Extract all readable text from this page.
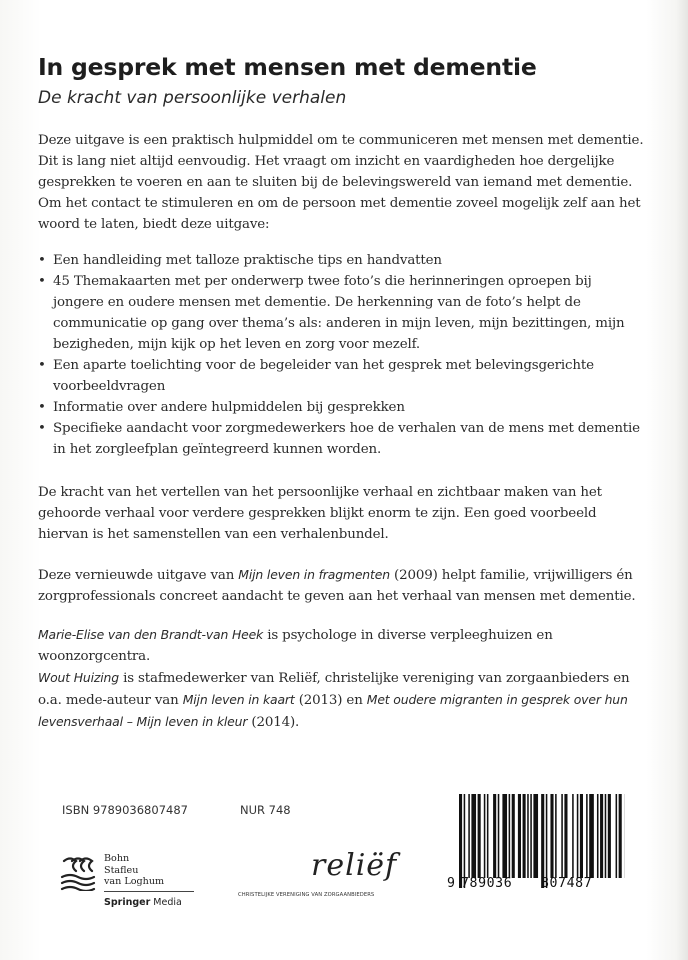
In gesprek met mensen met dementie
De kracht van persoonlijke verhalen

Deze uitgave is een praktisch hulpmiddel om te communiceren met mensen met dementie. Dit is lang niet altijd eenvoudig. Het vraagt om inzicht en vaardigheden hoe dergelijke gesprekken te voeren en aan te sluiten bij de belevingswereld van iemand met dementie. Om het contact te stimuleren en om de persoon met dementie zoveel mogelijk zelf aan het woord te laten, biedt deze uitgave:

• Een handleiding met talloze praktische tips en handvatten
• 45 Themakaarten met per onderwerp twee foto’s die herinneringen oproepen bij jongere en oudere mensen met dementie. De herkenning van de foto’s helpt de communicatie op gang over thema’s als: anderen in mijn leven, mijn bezittingen, mijn bezigheden, mijn kijk op het leven en zorg voor mezelf.
• Een aparte toelichting voor de begeleider van het gesprek met belevingsgerichte voorbeeldvragen
• Informatie over andere hulpmiddelen bij gesprekken
• Specifieke aandacht voor zorgmedewerkers hoe de verhalen van de mens met dementie in het zorgleefplan geïntegreerd kunnen worden.

De kracht van het vertellen van het persoonlijke verhaal en zichtbaar maken van het gehoorde verhaal voor verdere gesprekken blijkt enorm te zijn. Een goed voorbeeld hiervan is het samenstellen van een verhalenbundel.

Deze vernieuwde uitgave van Mijn leven in fragmenten (2009) helpt familie, vrijwilligers én zorgprofessionals concreet aandacht te geven aan het verhaal van mensen met dementie.

Marie-Elise van den Brandt-van Heek is psychologe in diverse verpleeghuizen en woonzorgcentra.

Wout Huizing is stafmedewerker van Reliëf, christelijke vereniging van zorgaanbieders en o.a. mede-auteur van Mijn leven in kaart (2013) en Met oudere migranten in gesprek over hun levensverhaal – Mijn leven in kleur (2014).

ISBN 9789036807487	NUR 748
Bohn
Stafleu
van Loghum
Springer Media
reliëf
CHRISTELIJKE VERENIGING VAN ZORGAANBIEDERS
9 789036 807487
